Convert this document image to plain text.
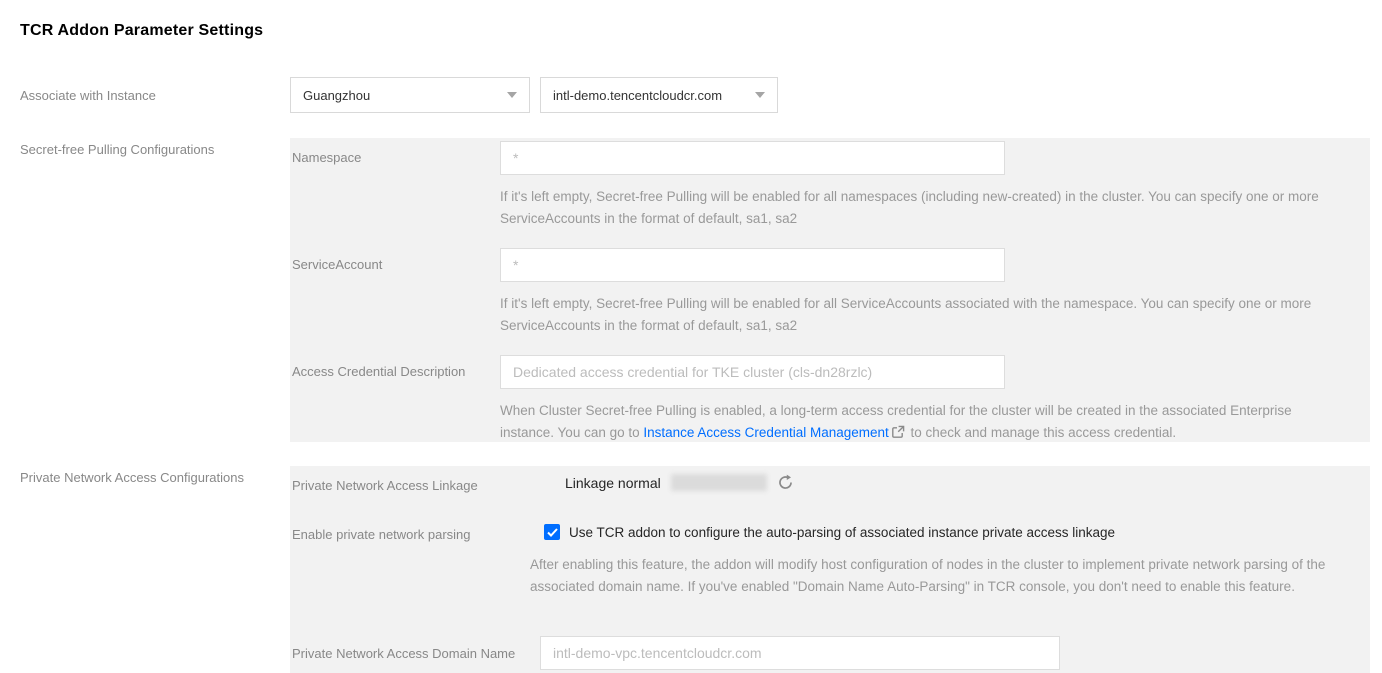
TCR Addon Parameter Settings
Associate with Instance	Guangzhou	intl-demo.tencentcloudcr.com
Secret-free Pulling Configurations
Namespace
*
If it's left empty, Secret-free Pulling will be enabled for all namespaces (including new-created) in the cluster. You can specify one or more ServiceAccounts in the format of default, sa1, sa2
ServiceAccount
*
If it's left empty, Secret-free Pulling will be enabled for all ServiceAccounts associated with the namespace. You can specify one or more ServiceAccounts in the format of default, sa1, sa2
Access Credential Description
Dedicated access credential for TKE cluster (cls-dn28rzlc)
When Cluster Secret-free Pulling is enabled, a long-term access credential for the cluster will be created in the associated Enterprise instance. You can go to Instance Access Credential Management to check and manage this access credential.
Private Network Access Configurations
Private Network Access Linkage	Linkage normal
Enable private network parsing	Use TCR addon to configure the auto-parsing of associated instance private access linkage
After enabling this feature, the addon will modify host configuration of nodes in the cluster to implement private network parsing of the associated domain name. If you've enabled "Domain Name Auto-Parsing" in TCR console, you don't need to enable this feature.
Private Network Access Domain Name
intl-demo-vpc.tencentcloudcr.com
